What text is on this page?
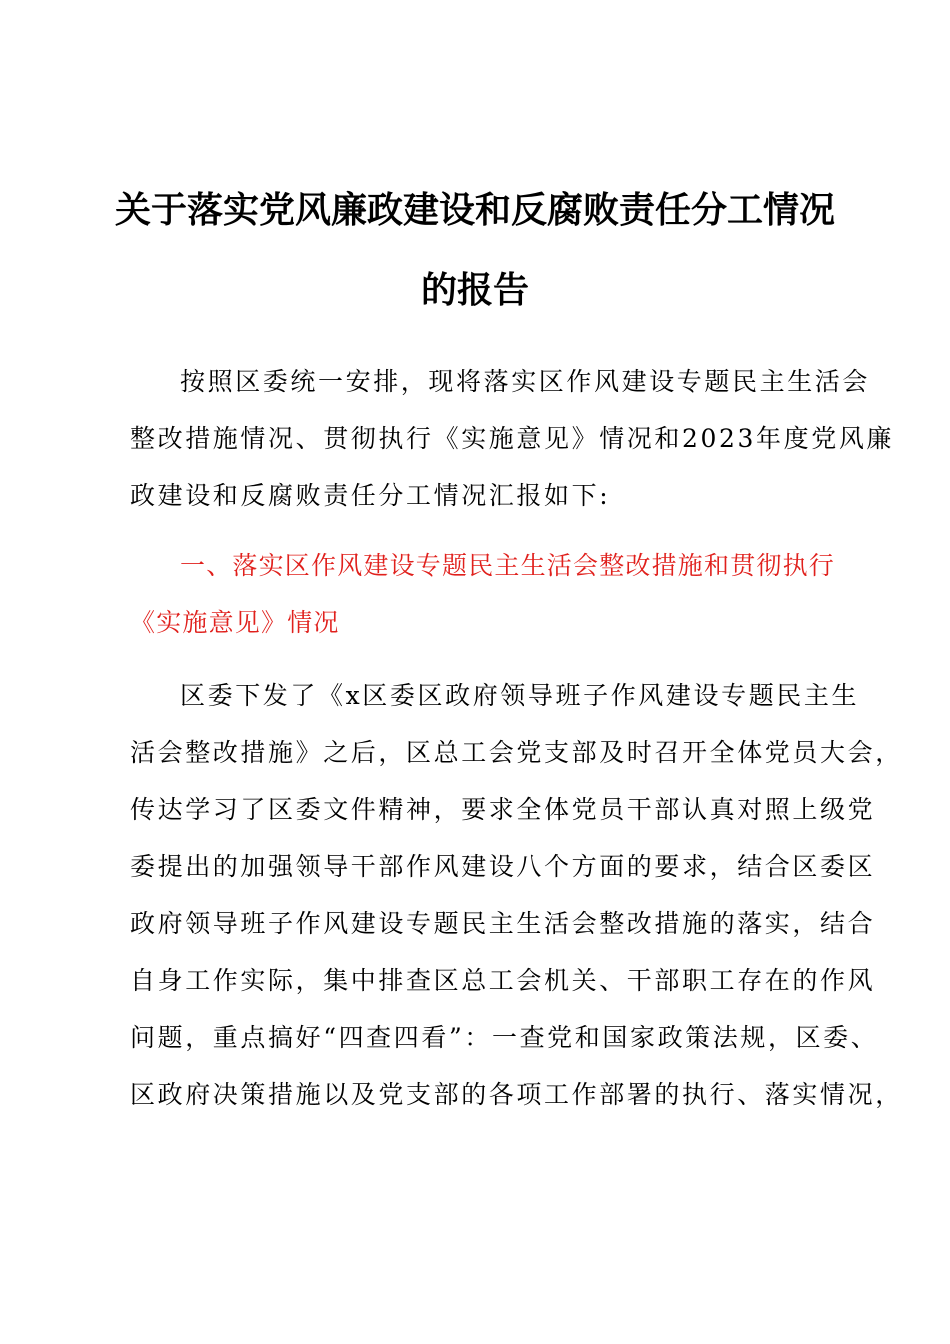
关于落实党风廉政建设和反腐败责任分工情况
的报告
按照区委统一安排，现将落实区作风建设专题民主生活会
整改措施情况、贯彻执行《实施意见》情况和2023年度党风廉
政建设和反腐败责任分工情况汇报如下:
一、落实区作风建设专题民主生活会整改措施和贯彻执行
《实施意见》情况
区委下发了《x区委区政府领导班子作风建设专题民主生
活会整改措施》之后，区总工会党支部及时召开全体党员大会，
传达学习了区委文件精神，要求全体党员干部认真对照上级党
委提出的加强领导干部作风建设八个方面的要求，结合区委区
政府领导班子作风建设专题民主生活会整改措施的落实，结合
自身工作实际，集中排查区总工会机关、干部职工存在的作风
问题，重点搞好“四查四看”：一查党和国家政策法规，区委、
区政府决策措施以及党支部的各项工作部署的执行、落实情况，
